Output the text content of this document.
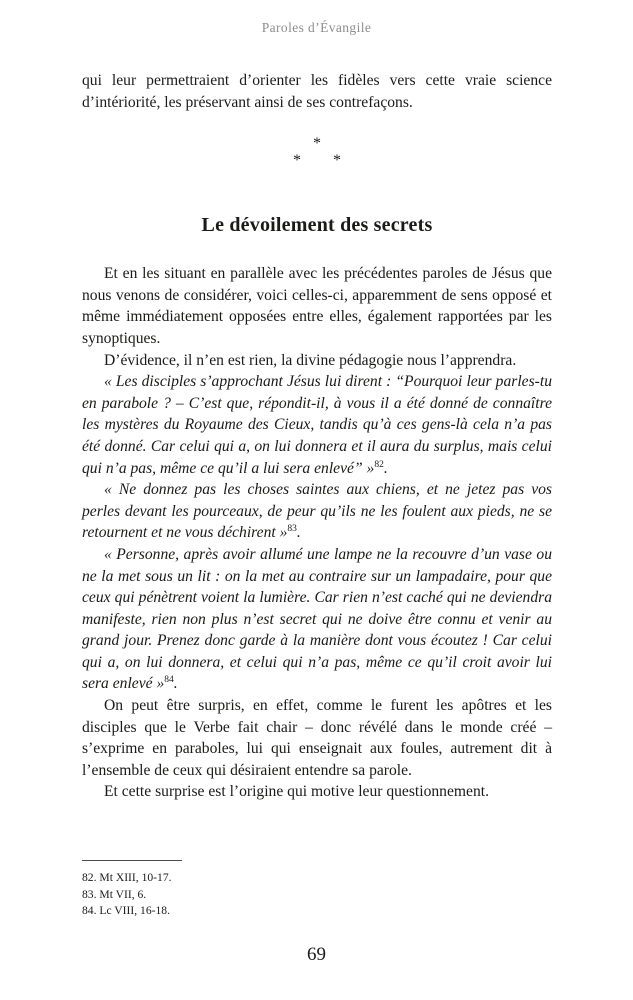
Paroles d’Évangile

qui leur permettraient d’orienter les fidèles vers cette vraie science d’intériorité, les préservant ainsi de ses contrefaçons.

*
* *
Le dévoilement des secrets

Et en les situant en parallèle avec les précédentes paroles de Jésus que nous venons de considérer, voici celles-ci, apparemment de sens opposé et même immédiatement opposées entre elles, également rapportées par les synoptiques.

D’évidence, il n’en est rien, la divine pédagogie nous l’apprendra.

« Les disciples s’approchant Jésus lui dirent : “Pourquoi leur parles-tu en parabole ? – C’est que, répondit-il, à vous il a été donné de connaître les mystères du Royaume des Cieux, tandis qu’à ces gens-là cela n’a pas été donné. Car celui qui a, on lui donnera et il aura du surplus, mais celui qui n’a pas, même ce qu’il a lui sera enlevé” »$^{82}$.

« Ne donnez pas les choses saintes aux chiens, et ne jetez pas vos perles devant les pourceaux, de peur qu’ils ne les foulent aux pieds, ne se retournent et ne vous déchirent »$^{83}$.

« Personne, après avoir allumé une lampe ne la recouvre d’un vase ou ne la met sous un lit : on la met au contraire sur un lampadaire, pour que ceux qui pénètrent voient la lumière. Car rien n’est caché qui ne deviendra manifeste, rien non plus n’est secret qui ne doive être connu et venir au grand jour. Prenez donc garde à la manière dont vous écoutez ! Car celui qui a, on lui donnera, et celui qui n’a pas, même ce qu’il croit avoir lui sera enlevé »$^{84}$.

On peut être surpris, en effet, comme le furent les apôtres et les disciples que le Verbe fait chair – donc révélé dans le monde créé – s’exprime en paraboles, lui qui enseignait aux foules, autrement dit à l’ensemble de ceux qui désiraient entendre sa parole.

Et cette surprise est l’origine qui motive leur questionnement.

82. Mt XIII, 10-17.

83. Mt VII, 6.

84. Lc VIII, 16-18.

69
